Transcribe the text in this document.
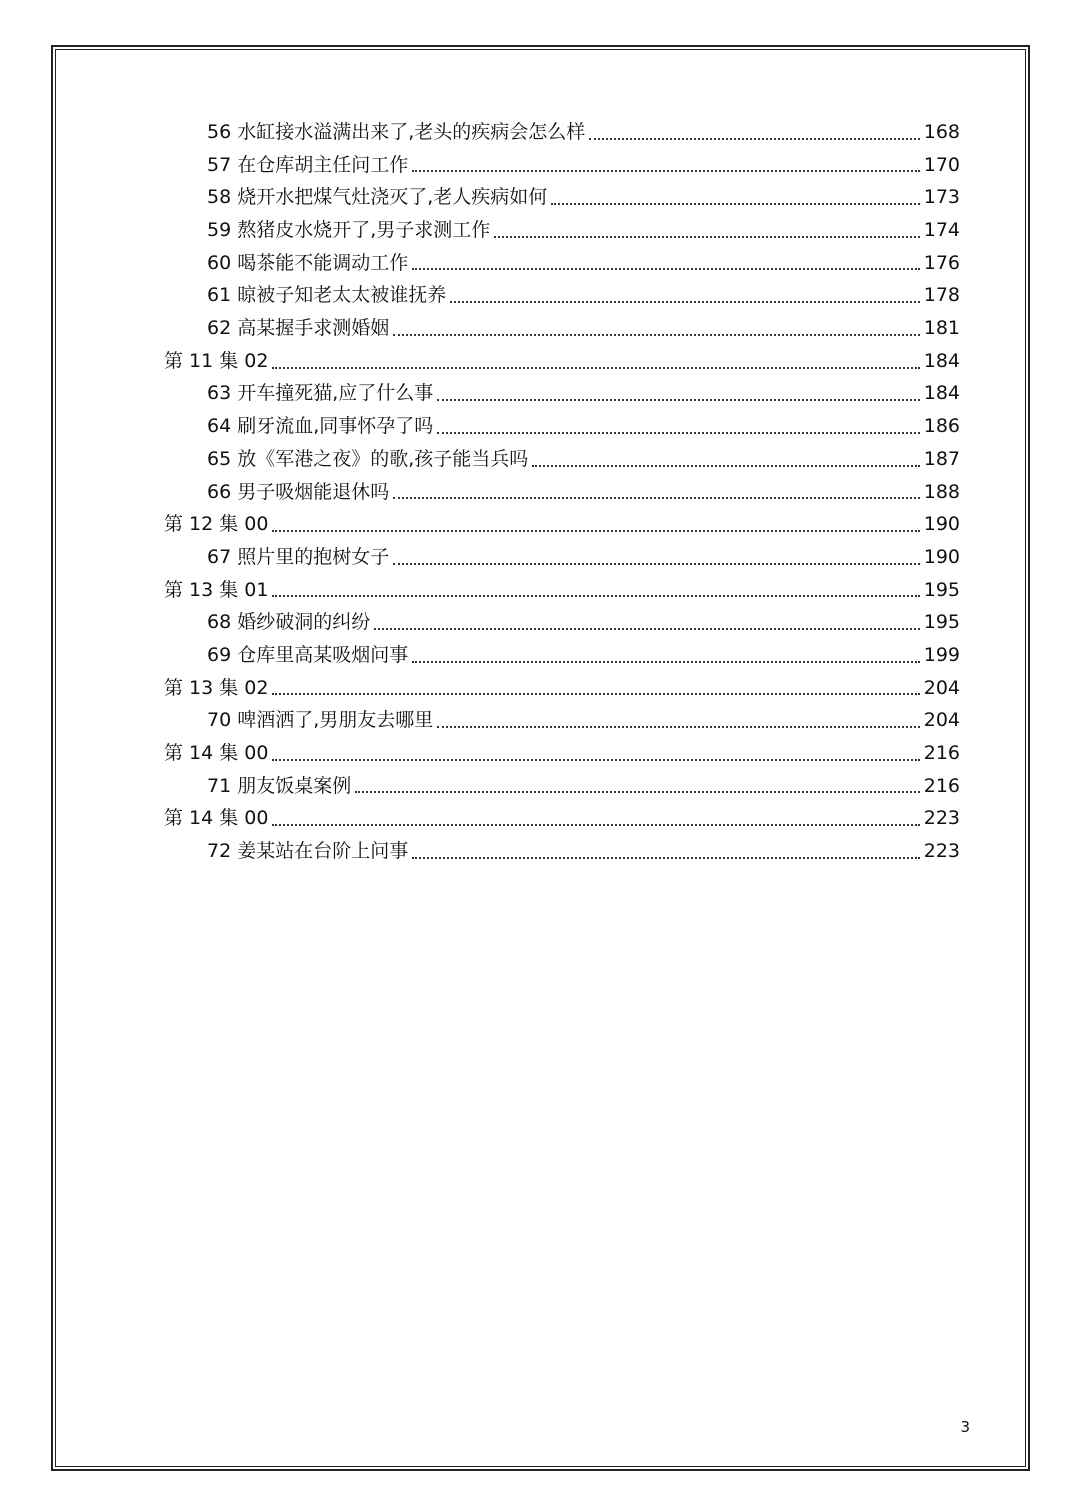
56 水缸接水溢满出来了,老头的疾病会怎么样	168
57 在仓库胡主任问工作	170
58 烧开水把煤气灶浇灭了,老人疾病如何	173
59 熬猪皮水烧开了,男子求测工作	174
60 喝茶能不能调动工作	176
61 晾被子知老太太被谁抚养	178
62 高某握手求测婚姻	181
第 11 集 02	184
63 开车撞死猫,应了什么事	184
64 刷牙流血,同事怀孕了吗	186
65 放《军港之夜》的歌,孩子能当兵吗	187
66 男子吸烟能退休吗	188
第 12 集 00	190
67 照片里的抱树女子	190
第 13 集 01	195
68 婚纱破洞的纠纷	195
69 仓库里高某吸烟问事	199
第 13 集 02	204
70 啤酒洒了,男朋友去哪里	204
第 14 集 00	216
71 朋友饭桌案例	216
第 14 集 00	223
72 姜某站在台阶上问事	223
3
